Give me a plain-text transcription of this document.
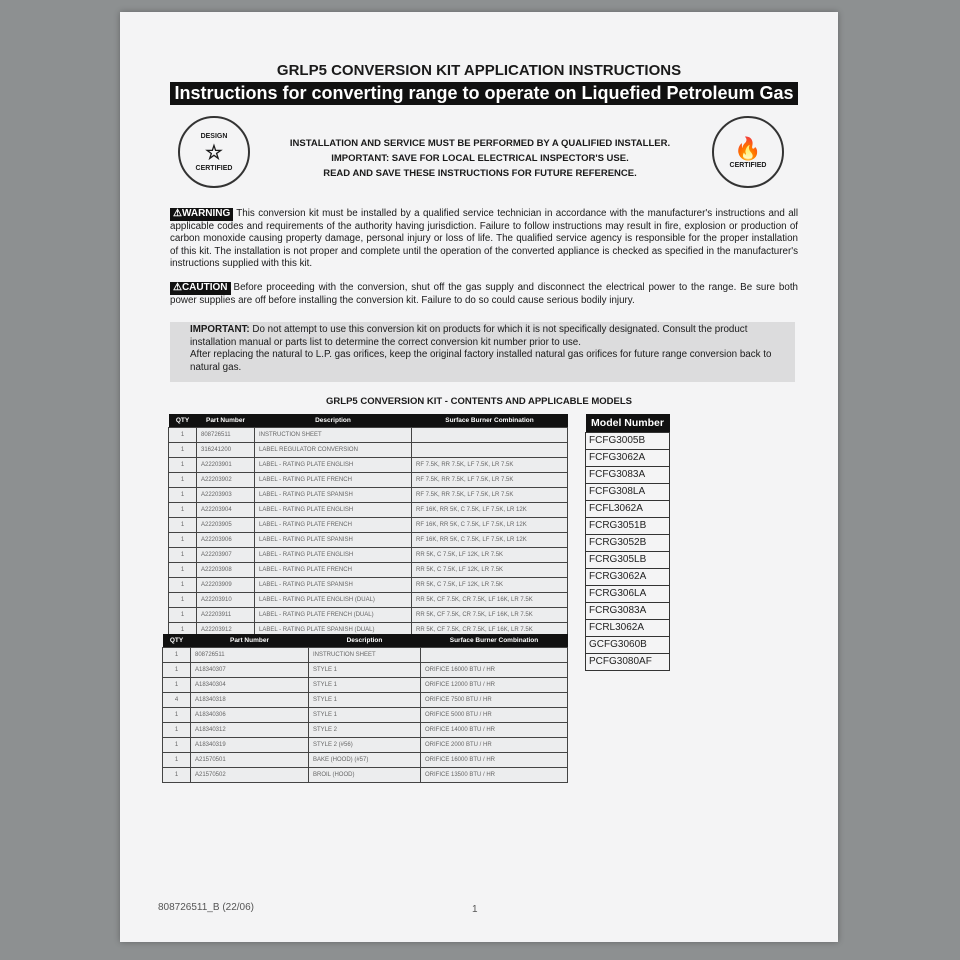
GRLP5 CONVERSION KIT APPLICATION INSTRUCTIONS
Instructions for converting range to operate on Liquefied Petroleum Gas
DESIGN
☆
CERTIFIED
🔥
CERTIFIED
INSTALLATION AND SERVICE MUST BE PERFORMED BY A QUALIFIED INSTALLER.
IMPORTANT: SAVE FOR LOCAL ELECTRICAL INSPECTOR'S USE.
READ AND SAVE THESE INSTRUCTIONS FOR FUTURE REFERENCE.
⚠WARNING This conversion kit must be installed by a qualified service technician in accordance with the manufacturer's instructions and all applicable codes and requirements of the authority having jurisdiction. Failure to follow instructions may result in fire, explosion or production of carbon monoxide causing property damage, personal injury or loss of life. The qualified service agency is responsible for the proper installation of this kit. The installation is not proper and complete until the operation of the converted appliance is checked as specified in the manufacturer's instructions supplied with this kit.
⚠CAUTION Before proceeding with the conversion, shut off the gas supply and disconnect the electrical power to the range. Be sure both power supplies are off before installing the conversion kit. Failure to do so could cause serious bodily injury.

IMPORTANT: Do not attempt to use this conversion kit on products for which it is not specifically designated. Consult the product installation manual or parts list to determine the correct conversion kit number prior to use.

After replacing the natural to L.P. gas orifices, keep the original factory installed natural gas orifices for future range conversion back to natural gas.

GRLP5 CONVERSION KIT - CONTENTS AND APPLICABLE MODELS
QTY	Part Number	Description	Surface Burner Combination
1	808726511	INSTRUCTION SHEET	
1	316241200	LABEL REGULATOR CONVERSION	
1	A22203901	LABEL - RATING PLATE ENGLISH	RF 7.5K, RR 7.5K, LF 7.5K, LR 7.5K
1	A22203902	LABEL - RATING PLATE FRENCH	RF 7.5K, RR 7.5K, LF 7.5K, LR 7.5K
1	A22203903	LABEL - RATING PLATE SPANISH	RF 7.5K, RR 7.5K, LF 7.5K, LR 7.5K
1	A22203904	LABEL - RATING PLATE ENGLISH	RF 16K, RR 5K, C 7.5K, LF 7.5K, LR 12K
1	A22203905	LABEL - RATING PLATE FRENCH	RF 16K, RR 5K, C 7.5K, LF 7.5K, LR 12K
1	A22203906	LABEL - RATING PLATE SPANISH	RF 16K, RR 5K, C 7.5K, LF 7.5K, LR 12K
1	A22203907	LABEL - RATING PLATE ENGLISH	RR 5K, C 7.5K, LF 12K, LR 7.5K
1	A22203908	LABEL - RATING PLATE FRENCH	RR 5K, C 7.5K, LF 12K, LR 7.5K
1	A22203909	LABEL - RATING PLATE SPANISH	RR 5K, C 7.5K, LF 12K, LR 7.5K
1	A22203910	LABEL - RATING PLATE ENGLISH (DUAL)	RR 5K, CF 7.5K, CR 7.5K, LF 16K, LR 7.5K
1	A22203911	LABEL - RATING PLATE FRENCH (DUAL)	RR 5K, CF 7.5K, CR 7.5K, LF 16K, LR 7.5K
1	A22203912	LABEL - RATING PLATE SPANISH (DUAL)	RR 5K, CF 7.5K, CR 7.5K, LF 16K, LR 7.5K
QTY	Part Number	Description	Surface Burner Combination
1	808726511	INSTRUCTION SHEET	
1	A18340307	STYLE 1	ORIFICE 16000 BTU / HR
1	A18340304	STYLE 1	ORIFICE 12000 BTU / HR
4	A18340318	STYLE 1	ORIFICE 7500 BTU / HR
1	A18340306	STYLE 1	ORIFICE 5000 BTU / HR
1	A18340312	STYLE 2	ORIFICE 14000 BTU / HR
1	A18340319	STYLE 2 (#56)	ORIFICE 2000 BTU / HR
1	A21570501	BAKE (HOOD) (#57)	ORIFICE 16000 BTU / HR
1	A21570502	BROIL (HOOD)	ORIFICE 13500 BTU / HR
Model Number
FCFG3005B
FCFG3062A
FCFG3083A
FCFG308LA
FCFL3062A
FCRG3051B
FCRG3052B
FCRG305LB
FCRG3062A
FCRG306LA
FCRG3083A
FCRL3062A
GCFG3060B
PCFG3080AF
808726511_B (22/06)	1
